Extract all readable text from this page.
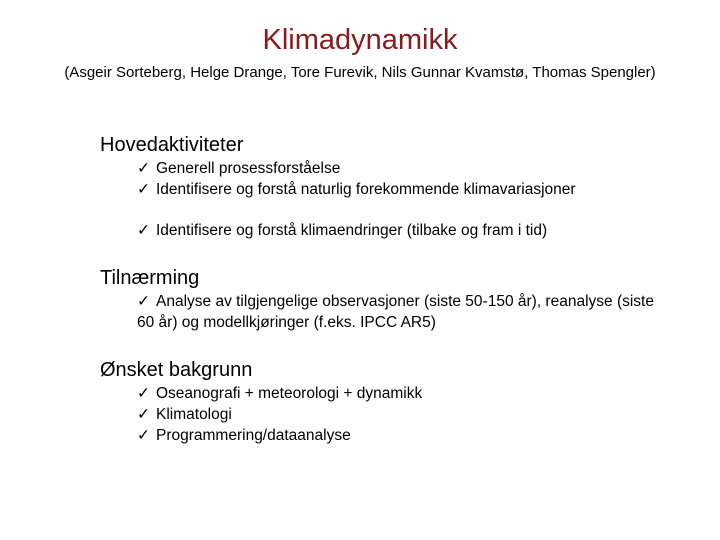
Klimadynamikk
(Asgeir Sorteberg, Helge Drange, Tore Furevik, Nils Gunnar Kvamstø, Thomas Spengler)
Hovedaktiviteter
✓ Generell prosessforståelse
✓ Identifisere og forstå naturlig forekommende klimavariasjoner
✓ Identifisere og forstå klimaendringer (tilbake og fram i tid)
Tilnærming
✓ Analyse av tilgjengelige observasjoner (siste 50-150 år), reanalyse (siste 60 år) og modellkjøringer (f.eks. IPCC AR5)
Ønsket bakgrunn
✓ Oseanografi + meteorologi + dynamikk
✓ Klimatologi
✓ Programmering/dataanalyse
